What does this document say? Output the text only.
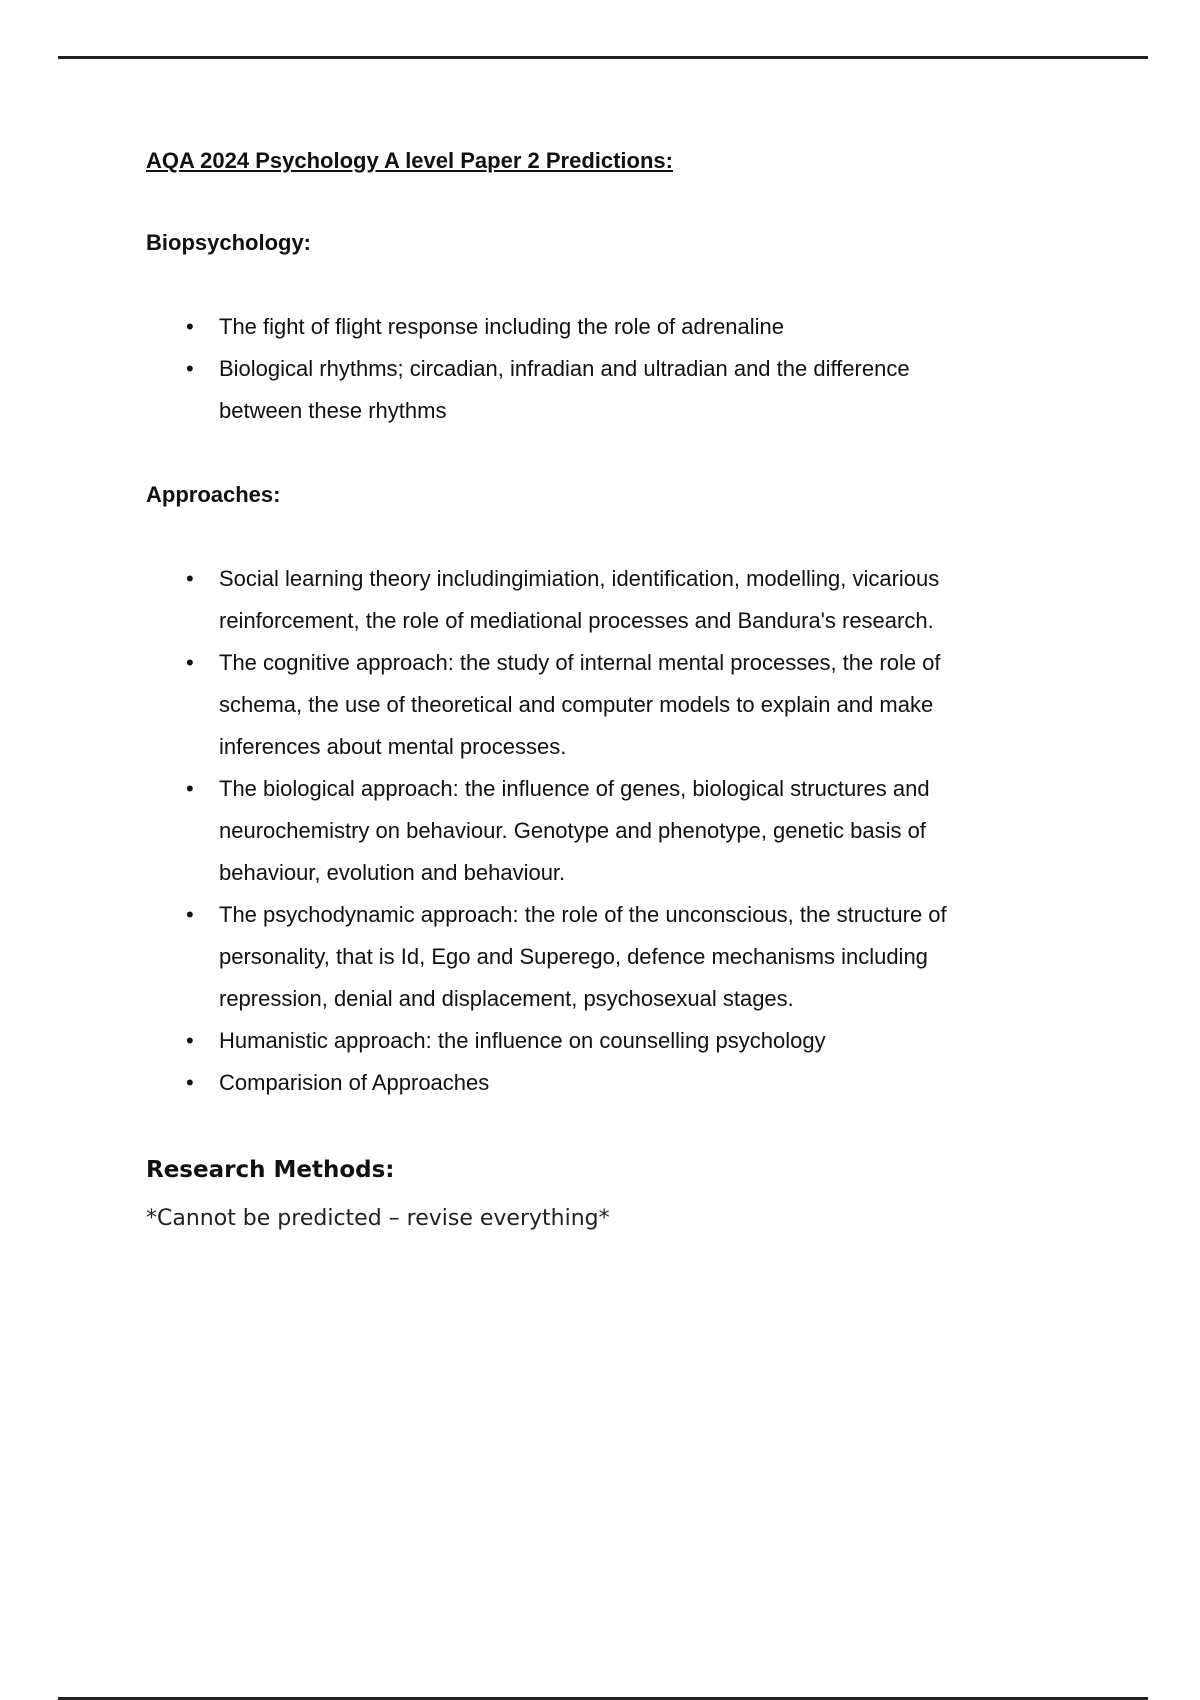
AQA 2024 Psychology A level Paper 2 Predictions:
Biopsychology:
• The fight of flight response including the role of adrenaline
• Biological rhythms; circadian, infradian and ultradian and the difference between these rhythms
Approaches:
• Social learning theory includingimiation, identification, modelling, vicarious reinforcement, the role of mediational processes and Bandura's research.
• The cognitive approach: the study of internal mental processes, the role of schema, the use of theoretical and computer models to explain and make inferences about mental processes.
• The biological approach: the influence of genes, biological structures and neurochemistry on behaviour. Genotype and phenotype, genetic basis of behaviour, evolution and behaviour.
• The psychodynamic approach: the role of the unconscious, the structure of personality, that is Id, Ego and Superego, defence mechanisms including repression, denial and displacement, psychosexual stages.
• Humanistic approach: the influence on counselling psychology
• Comparision of Approaches
Research Methods:
*Cannot be predicted – revise everything*
